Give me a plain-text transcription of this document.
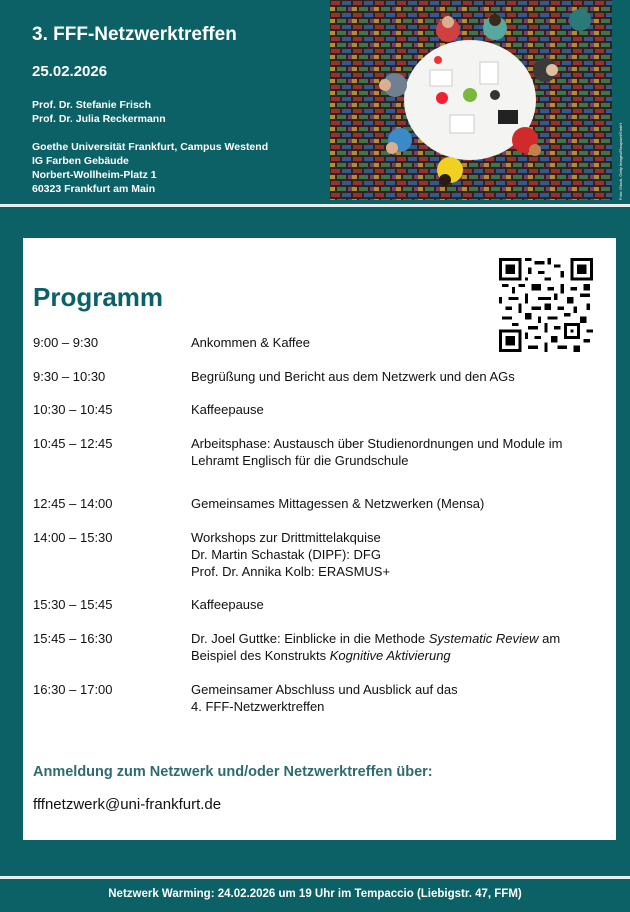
3. FFF-Netzwerktreffen
25.02.2026
Prof. Dr. Stefanie Frisch
Prof. Dr. Julia Reckermann
Goethe Universität Frankfurt, Campus Westend
IG Farben Gebäude
Norbert-Wollheim-Platz 1
60323 Frankfurt am Main	Foto: iStock, Getty Images/Rawpixel/GmbH
Programm
9:00 – 9:30	Ankommen & Kaffee
9:30 – 10:30	Begrüßung und Bericht aus dem Netzwerk und den AGs
10:30 – 10:45	Kaffeepause
10:45 – 12:45	Arbeitsphase: Austausch über Studienordnungen und Module im
Lehramt Englisch für die Grundschule
12:45 – 14:00	Gemeinsames Mittagessen & Netzwerken (Mensa)
14:00 – 15:30	Workshops zur Drittmittelakquise
Dr. Martin Schastak (DIPF): DFG
Prof. Dr. Annika Kolb: ERASMUS+
15:30 – 15:45	Kaffeepause
15:45 – 16:30	Dr. Joel Guttke: Einblicke in die Methode Systematic Review am
Beispiel des Konstrukts Kognitive Aktivierung
16:30 – 17:00	Gemeinsamer Abschluss und Ausblick auf das
4. FFF-Netzwerktreffen
Anmeldung zum Netzwerk und/oder Netzwerktreffen über:
fffnetzwerk@uni-frankfurt.de
Netzwerk Warming: 24.02.2026 um 19 Uhr im Tempaccio (Liebigstr. 47, FFM)
